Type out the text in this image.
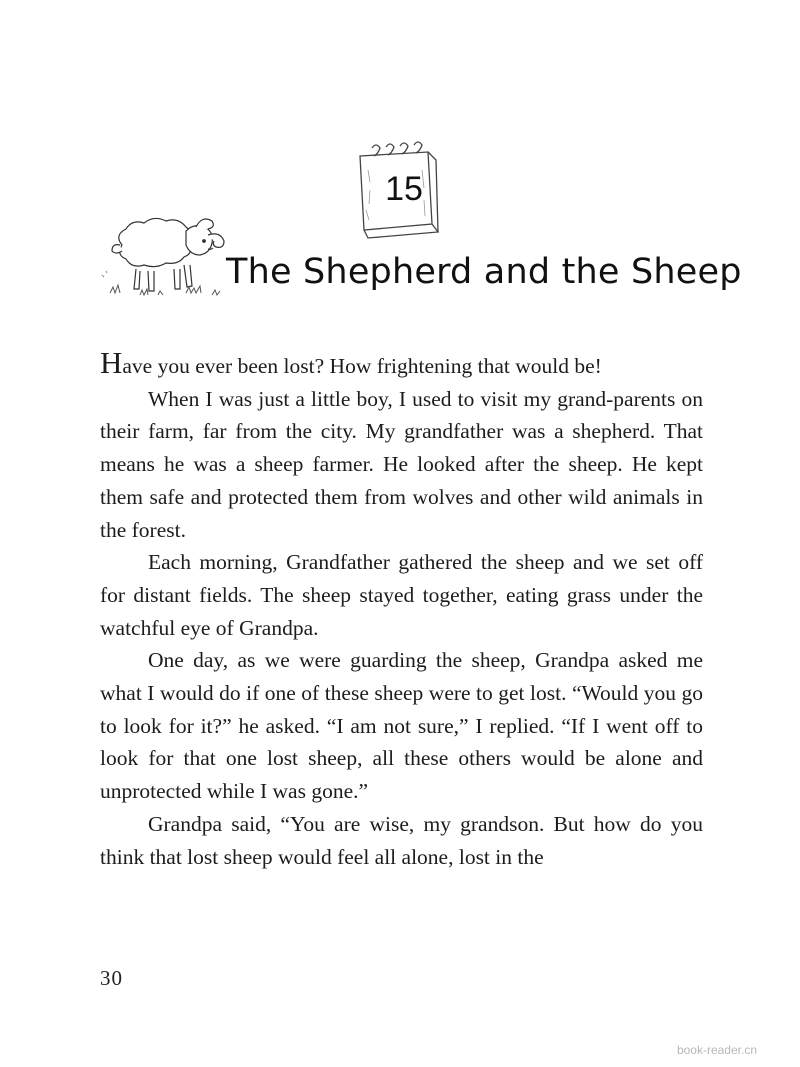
15
The Shepherd and the Sheep

Have you ever been lost? How frightening that would be!

When I was just a little boy, I used to visit my grand-parents on their farm, far from the city. My grandfather was a shepherd. That means he was a sheep farmer. He looked after the sheep. He kept them safe and protected them from wolves and other wild animals in the forest.

Each morning, Grandfather gathered the sheep and we set off for distant fields. The sheep stayed together, eating grass under the watchful eye of Grandpa.

One day, as we were guarding the sheep, Grandpa asked me what I would do if one of these sheep were to get lost. “Would you go to look for it?” he asked. “I am not sure,” I replied. “If I went off to look for that one lost sheep, all these others would be alone and unprotected while I was gone.”

Grandpa said, “You are wise, my grandson. But how do you think that lost sheep would feel all alone, lost in the

30
book-reader.cn
